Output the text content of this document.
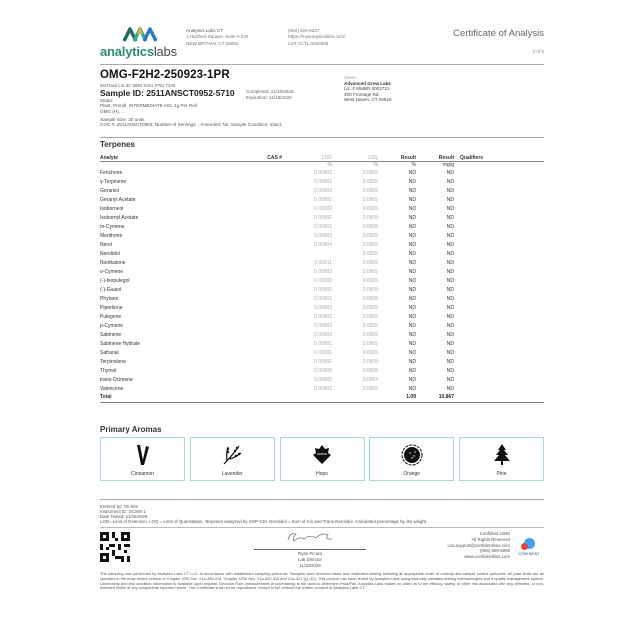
analyticslabs
Analytics Labs CT
1 Hartford Square, Suite # 230
NEW BRITAIN, CT 06052
(860) 925-5227
https://myanalyticslabs.com/
Lic# ACTL.0000005
Certificate of Analysis
3 of 5
OMG-F2H2-250923-1PR
BioTrack Lot ID: 6584 9161 9791 7236
Sample ID: 2511ANSCT0952-5710 Completed: 11/18/2025
Expiration: 11/18/2026
Strain:
Plant, Preroll, INTERMEDIATE AGL 1g Pre Roll
OMG (H), ..
Sample Size: 20 units
COC #: 2511ANSCT0952; Number of Servings: ; Amended: No; Sample Condition: Intact;
Client
Advanced Grow Labs
Lic. # MMBR.0002721
400 Frontage Rd
West Haven, CT 06516
Terpenes
Analyte	CAS #	LOD	LOQ	Result	Result	Qualifiers
		%	%	%	mg/g	
Fenchone		0.00002	0.0005	ND	ND	
γ-Terpinene		0.00002	0.0005	ND	ND	
Geraniol		0.00003	0.0005	ND	ND	
Geranyl Acetate		0.00002	0.0005	ND	ND	
Isoborneol		0.00002	0.0005	ND	ND	
Isobornyl Acetate		0.00002	0.0005	ND	ND	
m-Cymene		0.00002	0.0005	ND	ND	
Menthone		0.00003	0.0005	ND	ND	
Nerol		0.00004	0.0005	ND	ND	
Nerolidol			0.0005	ND	ND	
Nootkatone		0.00011	0.0005	ND	ND	
o-Cymene		0.00003	0.0005	ND	ND	
(-)-Isopulegol		0.00002	0.0005	ND	ND	
(-)-Guaiol		0.00006	0.0005	ND	ND	
Phytane		0.00002	0.0005	ND	ND	
Piperitone		0.00003	0.0005	ND	ND	
Pulegone		0.00002	0.0005	ND	ND	
p-Cymene		0.00003	0.0005	ND	ND	
Sabinene		0.00003	0.0005	ND	ND	
Sabinene Hydrate		0.00001	0.0005	ND	ND	
Safranal		0.00001	0.0005	ND	ND	
Terpinolene		0.00002	0.0005	ND	ND	
Thymol		0.00005	0.0005	ND	ND	
trans-Ocimene		0.00005	0.0004	ND	ND	
Valencene		0.00002	0.0005	ND	ND	
Total				1.09	10.867	
Primary Aromas
Cinnamon	Lavender	Hops	Orange	Pine
Entered by: TE-002
Instrument ID: GCMS-1
Date Tested: 11/16/2025
LOD= Limit of Detection, LOQ = Limit of Quantitation. Terpenes analyzed by SOP-010. Nerolidol = Sum of Cis and Trans-Nerolidol. Calculated percentage by dry weight
Ryan Picard
Lab Director
11/18/2025
Confident LIMS
All Rights Reserved
coa.support@confidentlims.com
(866) 506-5866
www.confidentlims.com	CONFIDENT
The sampling was performed by Analytics Labs CT LLC, in accordance with established sampling protocols. Samples were received intact and underwent testing following all appropriate chain of custody and sample control protocols. All pass limits are as specified in the most recent version of Chapter 420f Sec. 21a-408-414, Chapter 420h Sec. 21a-420-419 and 21a-421 §(1-40). This product has been tested by Analytics Labs using internally validated testing methodologies and a quality management system. Uncertainty and test condition information is available upon request. Decision Rule (measurement of uncertainty) is not used to determine Pass/Fail. Analytics Labs makes no claim as to the efficacy, safety, or other risk associated with any detected, or non-detected levels of any compounds reported herein. This Certificate shall not be reproduced, except in full, without the written consent of Analytics Labs CT.
